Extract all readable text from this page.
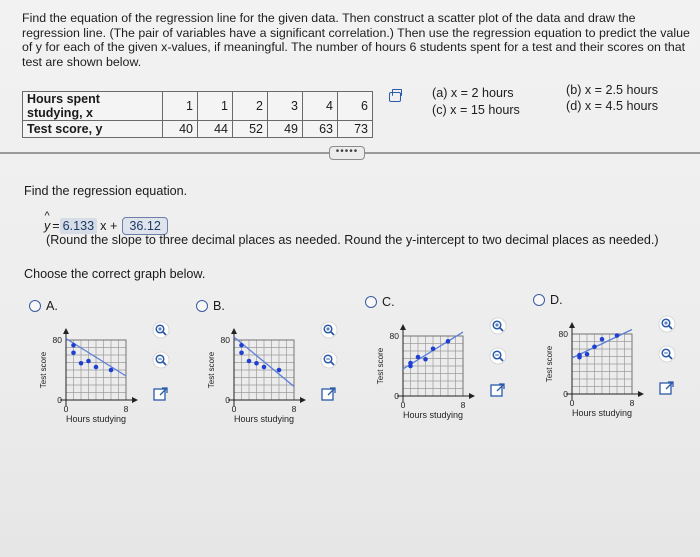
Find the equation of the regression line for the given data. Then construct a scatter plot of the data and draw the regression line. (The pair of variables have a significant correlation.) Then use the regression equation to predict the value of y for each of the given x-values, if meaningful. The number of hours 6 students spent for a test and their scores on that test are shown below.
Hours spent studying, x	1	1	2	3	4	6
Test score, y	40	44	52	49	63	73
(a) x = 2 hours	(b) x = 2.5 hours
(c) x = 15 hours	(d) x = 4.5 hours
•••••
Find the regression equation.
^ y = 6.133 x + 36.12
(Round the slope to three decimal places as needed. Round the y-intercept to two decimal places as needed.)
Choose the correct graph below.
A.	B.	C.	D.
80
0
0	8
Hours studying
Test score
80
0
0	8
Hours studying
Test score
80
0
0	8
Hours studying
Test score
80
0
0	8
Hours studying
Test score
